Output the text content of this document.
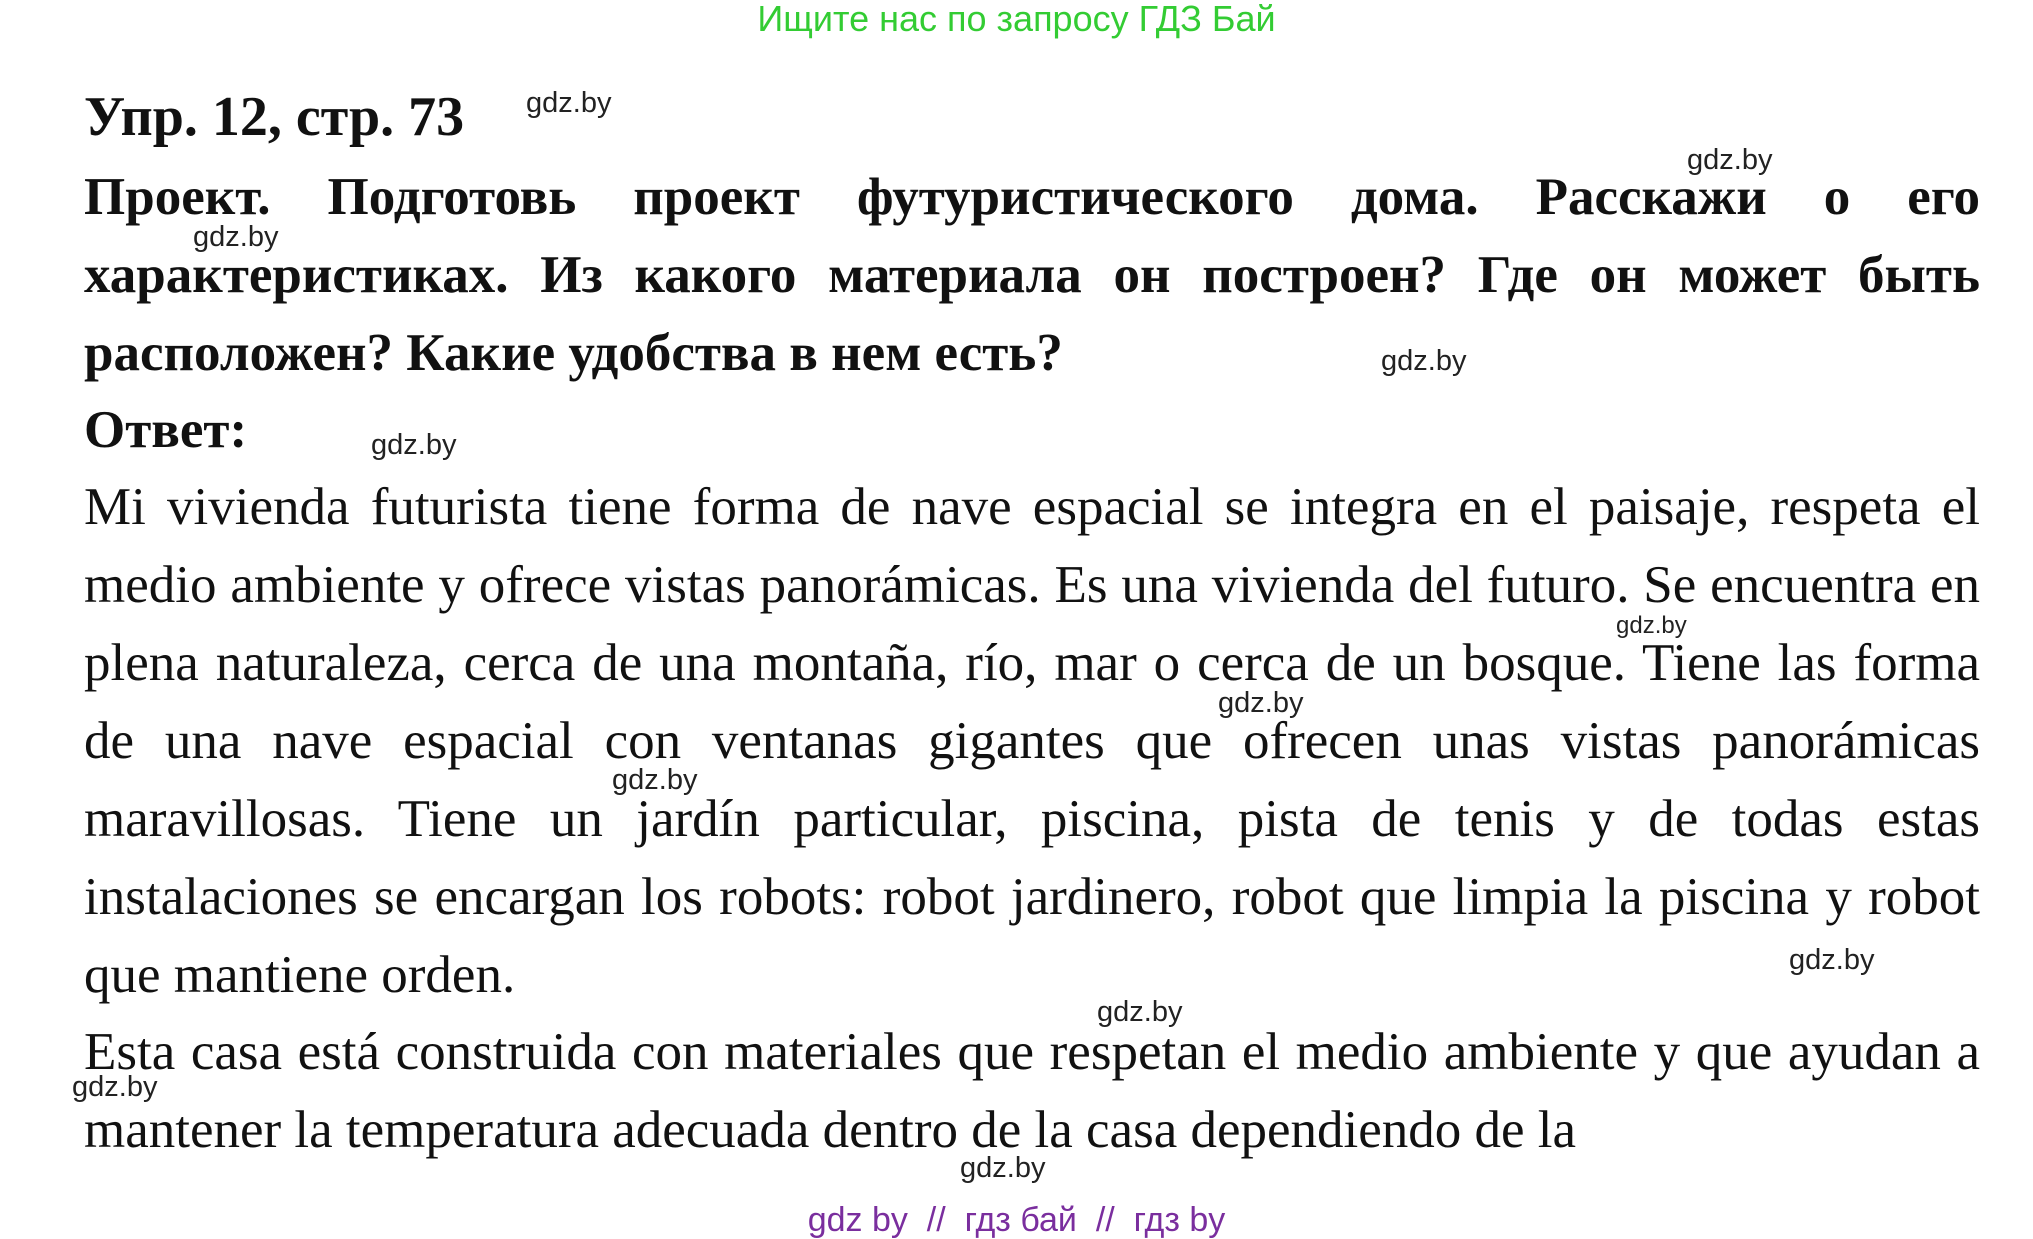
Ищите нас по запросу ГДЗ Бай
Упр. 12, стр. 73

Проект. Подготовь проект футуристического дома. Расскажи о его характеристиках. Из какого материала он построен? Где он может быть расположен? Какие удобства в нем есть?

Ответ:

Mi vivienda futurista tiene forma de nave espacial se integra en el paisaje, respeta el medio ambiente y ofrece vistas panorámicas. Es una vivienda del futuro. Se encuentra en plena naturaleza, cerca de una montaña, río, mar o cerca de un bosque. Tiene las forma de una nave espacial con ventanas gigantes que ofrecen unas vistas panorámicas maravillosas. Tiene un jardín particular, piscina, pista de tenis y de todas estas instalaciones se encargan los robots: robot jardinero, robot que limpia la piscina y robot que mantiene orden.

Esta casa está construida con materiales que respetan el medio ambiente y que ayudan a mantener la temperatura adecuada dentro de la casa dependiendo de la

gdz.by
gdz.by
gdz.by
gdz.by
gdz.by
gdz.by
gdz.by
gdz.by
gdz.by
gdz.by
gdz.by
gdz.by
gdz by  //  гдз бай  //  гдз by
